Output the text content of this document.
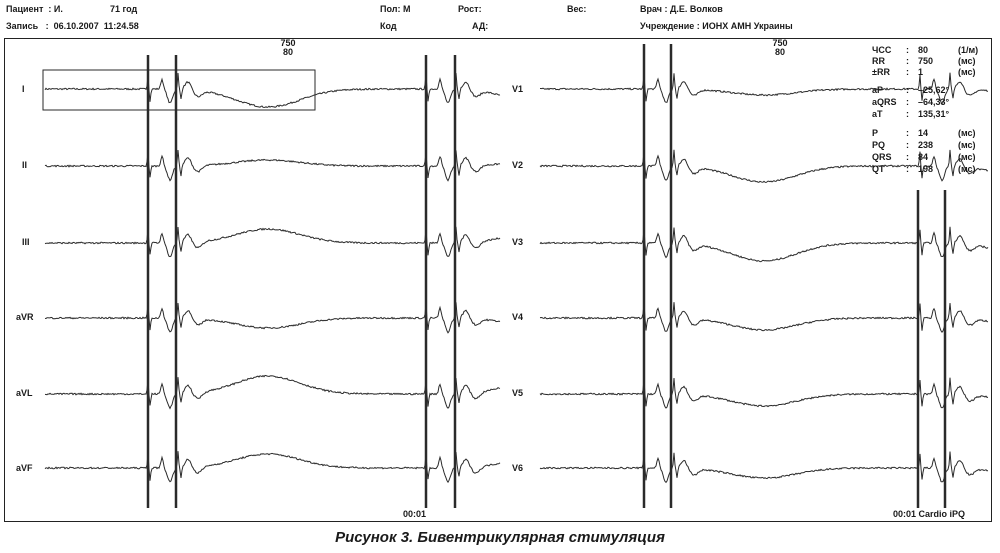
Пациент  : И.	71 год
Запись   :  06.10.2007  11:24.58
Пол: М
Код
Рост:
АД:
Вес:	Врач : Д.Е. Волков
Учреждение : ИОНХ АМН Украины
750
80
750
80
I
II
III
aVR
aVL
aVF
V1
V2
V3
V4
V5
V6
ЧСС : 80	(1/м)
RR : 750	(мс)
±RR : 1	(мс)
aP	: –25,62°
aQRS : –64,33°
aT	: 135,31°
P	: 14	(мс)
PQ : 238	(мс)
QRS : 84	(мс)
QT : 198	(мс)
00:01	00:01 Cardio iPQ
Рисунок 3. Бивентрикулярная стимуляция
